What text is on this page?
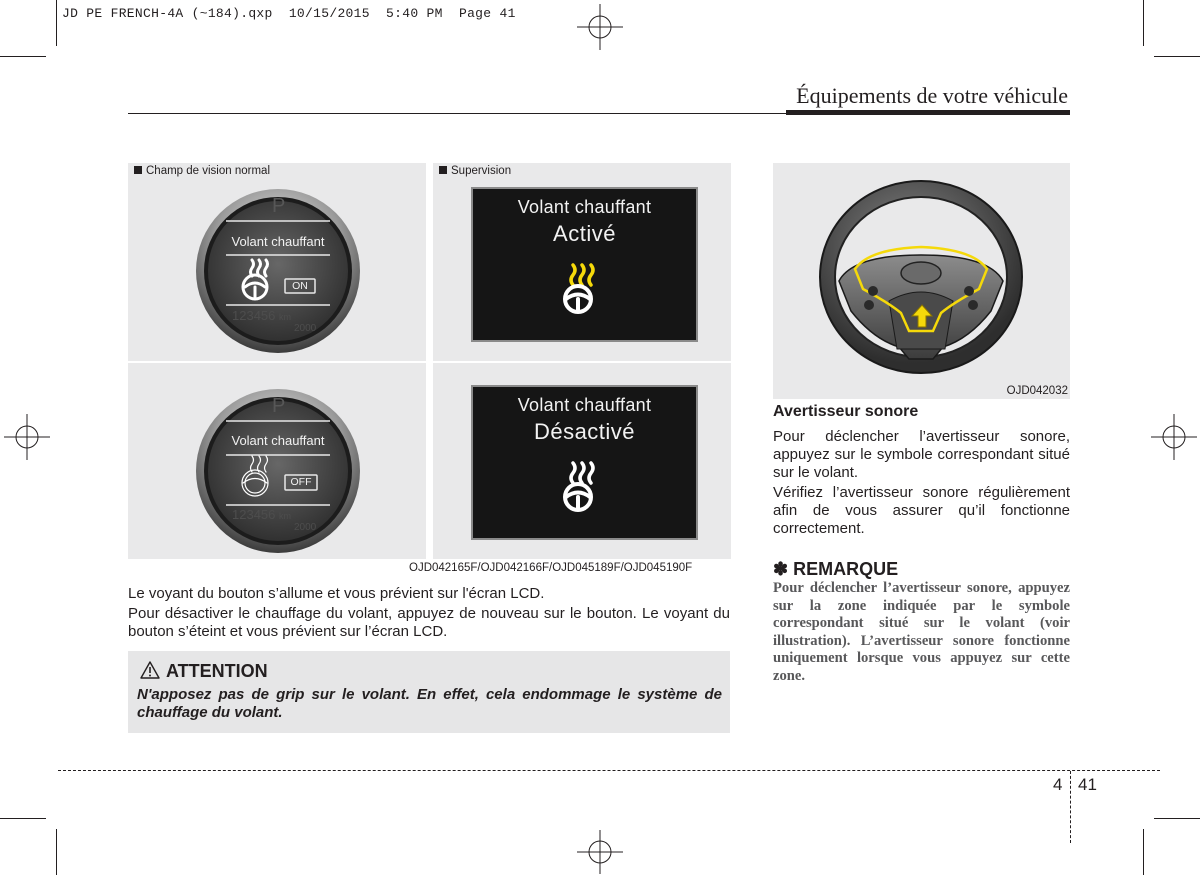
JD PE FRENCH-4A (~184).qxp  10/15/2015  5:40 PM  Page 41
Équipements de votre véhicule
Champ de vision normal
P
Volant chauffant
ON
123456 km
2000
Supervision
Volant chauffant
Activé
P
Volant chauffant
OFF
123456 km
2000
Volant chauffant
Désactivé
OJD042165F/OJD042166F/OJD045189F/OJD045190F
Le voyant du bouton s’allume et vous prévient sur l'écran LCD.
Pour désactiver le chauffage du volant, appuyez de nouveau sur le bouton. Le voyant du bouton s’éteint et vous prévient sur l’écran LCD.
ATTENTION
N'apposez pas de grip sur le volant. En effet, cela endommage le système de chauffage du volant.
OJD042032
Avertisseur sonore
Pour déclencher l’avertisseur sonore, appuyez sur le symbole correspondant situé sur le volant.
Vérifiez l’avertisseur sonore régulièrement afin de vous assurer qu’il fonctionne correctement.
✽ REMARQUE
Pour déclencher l’avertisseur sonore, appuyez sur la zone indiquée par le symbole correspondant situé sur le volant (voir illustration). L’avertisseur sonore fonctionne uniquement lorsque vous appuyez sur cette zone.
4 41
